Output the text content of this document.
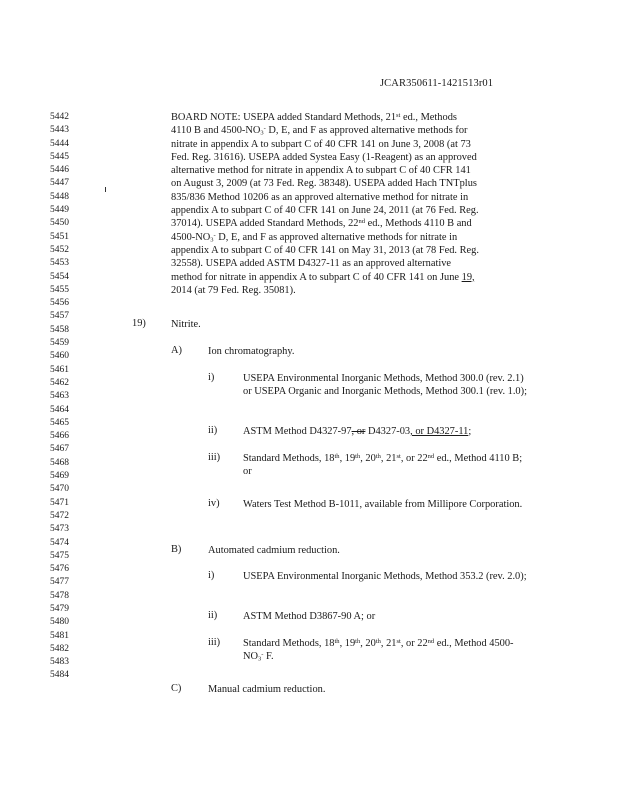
JCAR350611-1421513r01
5442
5443
5444
5445
5446
5447
5448
5449
5450
5451
5452
5453
5454
5455
5456
5457
5458
5459
5460
5461
5462
5463
5464
5465
5466
5467
5468
5469
5470
5471
5472
5473
5474
5475
5476
5477
5478
5479
5480
5481
5482
5483
5484
BOARD NOTE: USEPA added Standard Methods, 21st ed., Methods
4110 B and $4500-NO_3^-$ D, E, and F as approved alternative methods for
nitrate in appendix A to subpart C of 40 CFR 141 on June 3, 2008 (at 73
Fed. Reg. 31616). USEPA added Systea Easy (1-Reagent) as an approved
alternative method for nitrate in appendix A to subpart C of 40 CFR 141
on August 3, 2009 (at 73 Fed. Reg. 38348). USEPA added Hach TNTplus
835/836 Method 10206 as an approved alternative method for nitrate in
appendix A to subpart C of 40 CFR 141 on June 24, 2011 (at 76 Fed. Reg.
37014). USEPA added Standard Methods, 22nd ed., Methods 4110 B and
$4500-NO_3^-$ D, E, and F as approved alternative methods for nitrate in
appendix A to subpart C of 40 CFR 141 on May 31, 2013 (at 78 Fed. Reg.
32558). USEPA added ASTM D4327-11 as an approved alternative
method for nitrate in appendix A to subpart C of 40 CFR 141 on June 19,
2014 (at 79 Fed. Reg. 35081).
19) Nitrite.
A)	Ion chromatography.
i)	USEPA Environmental Inorganic Methods, Method 300.0 (rev. 2.1) or USEPA Organic and Inorganic Methods, Method 300.1 (rev. 1.0);
ii) ASTM Method D4327-97, or D4327-03, or D4327-11;
iii) Standard Methods, 18th, 19th, 20th, 21st, or 22nd ed., Method 4110 B; or
iv) Waters Test Method B-1011, available from Millipore Corporation.
B)	Automated cadmium reduction.
i)	USEPA Environmental Inorganic Methods, Method 353.2 (rev. 2.0);
ii) ASTM Method D3867-90 A; or
iii) Standard Methods, 18th, 19th, 20th, 21st, or 22nd ed., Method $4500-NO_3^-$ F.
C)	Manual cadmium reduction.
